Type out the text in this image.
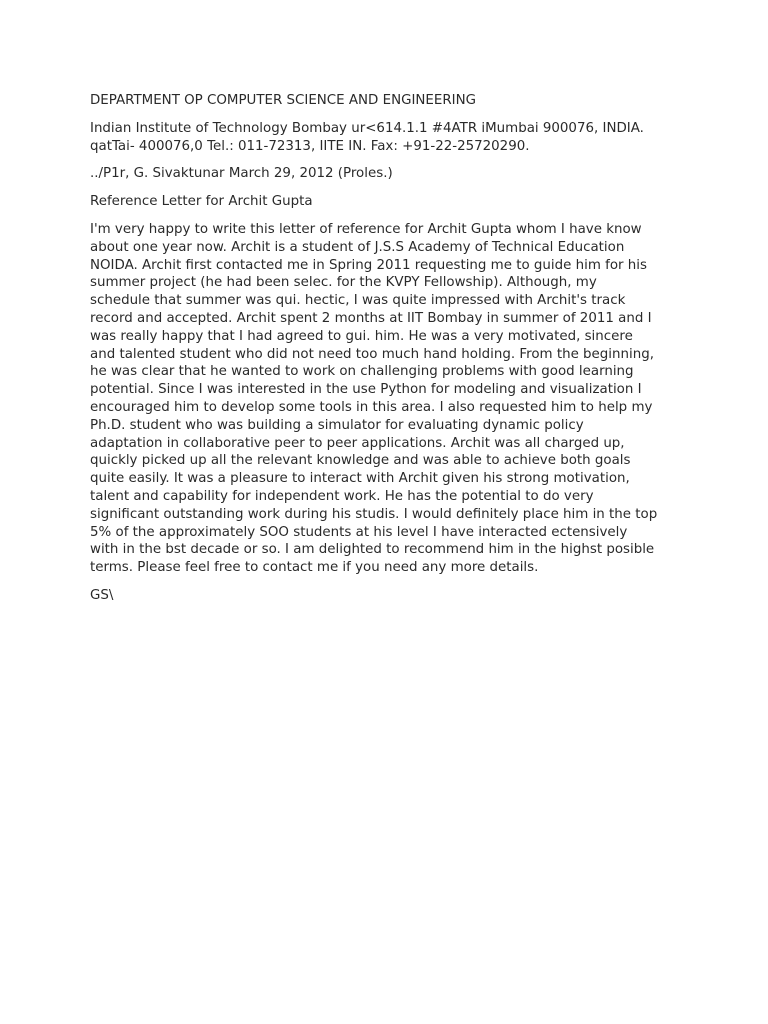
DEPARTMENT OP COMPUTER SCIENCE AND ENGINEERING

Indian Institute of Technology Bombay ur<614.1.1 #4ATR iMumbai 900076, INDIA.

qatTai- 400076,0 Tel.: 011-72313, IITE IN. Fax: +91-22-25720290.

../P1r, G. Sivaktunar March 29, 2012 (Proles.)

Reference Letter for Archit Gupta

I'm very happy to write this letter of reference for Archit Gupta whom I have know
about one year now. Archit is a student of J.S.S Academy of Technical Education
NOIDA. Archit first contacted me in Spring 2011 requesting me to guide him for his
summer project (he had been selec. for the KVPY Fellowship). Although, my
schedule that summer was qui. hectic, I was quite impressed with Archit's track
record and accepted. Archit spent 2 months at IIT Bombay in summer of 2011 and I
was really happy that I had agreed to gui. him. He was a very motivated, sincere
and talented student who did not need too much hand holding. From the beginning,
he was clear that he wanted to work on challenging problems with good learning
potential. Since I was interested in the use Python for modeling and visualization I
encouraged him to develop some tools in this area. I also requested him to help my
Ph.D. student who was building a simulator for evaluating dynamic policy
adaptation in collaborative peer to peer applications. Archit was all charged up,
quickly picked up all the relevant knowledge and was able to achieve both goals
quite easily. It was a pleasure to interact with Archit given his strong motivation,
talent and capability for independent work. He has the potential to do very
significant outstanding work during his studis. I would definitely place him in the top
5% of the approximately SOO students at his level I have interacted ectensively
with in the bst decade or so. I am delighted to recommend him in the highst posible
terms. Please feel free to contact me if you need any more details.

GS\
